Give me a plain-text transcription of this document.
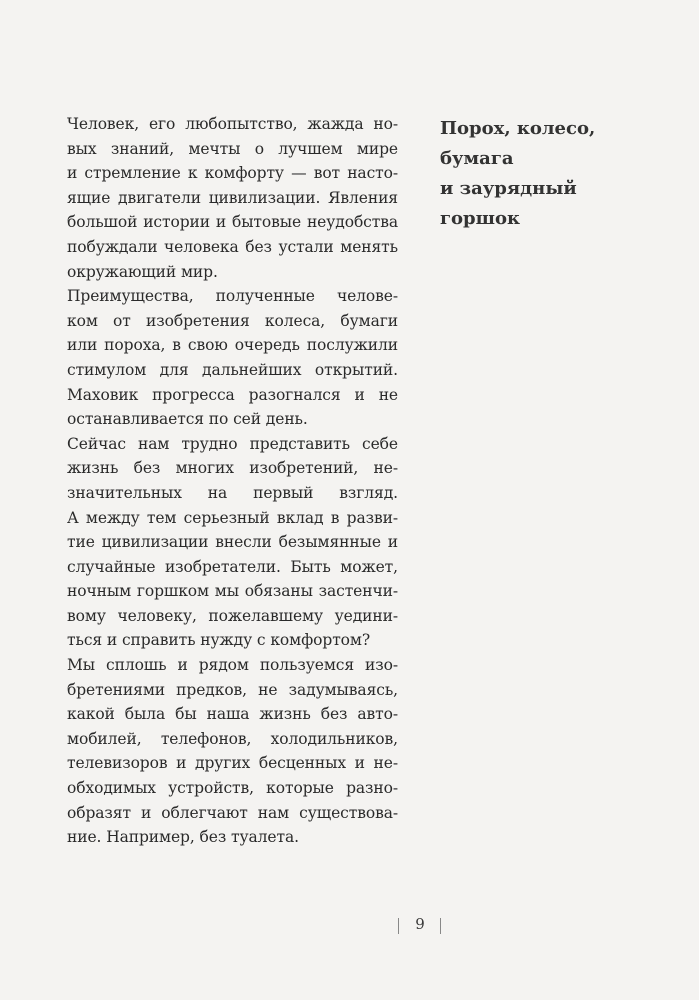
Порох, колесо,
бумага
и заурядный
горшок
Человек, его любопытство, жажда но-
вых знаний, мечты о лучшем мире
и стремление к комфорту — вот насто-
ящие двигатели цивилизации. Явления
большой истории и бытовые неудобства
побуждали человека без устали менять
окружающий мир.
Преимущества, полученные челове-
ком от изобретения колеса, бумаги
или пороха, в свою очередь послужили
стимулом для дальнейших открытий.
Маховик прогресса разогнался и не
останавливается по сей день.
Сейчас нам трудно представить себе
жизнь без многих изобретений, не-
значительных на первый взгляд.
А между тем серьезный вклад в разви-
тие цивилизации внесли безымянные и
случайные изобретатели. Быть может,
ночным горшком мы обязаны застенчи-
вому человеку, пожелавшему уедини-
ться и справить нужду с комфортом?
Мы сплошь и рядом пользуемся изо-
бретениями предков, не задумываясь,
какой была бы наша жизнь без авто-
мобилей, телефонов, холодильников,
телевизоров и других бесценных и не-
обходимых устройств, которые разно-
образят и облегчают нам существова-
ние. Например, без туалета.
9
